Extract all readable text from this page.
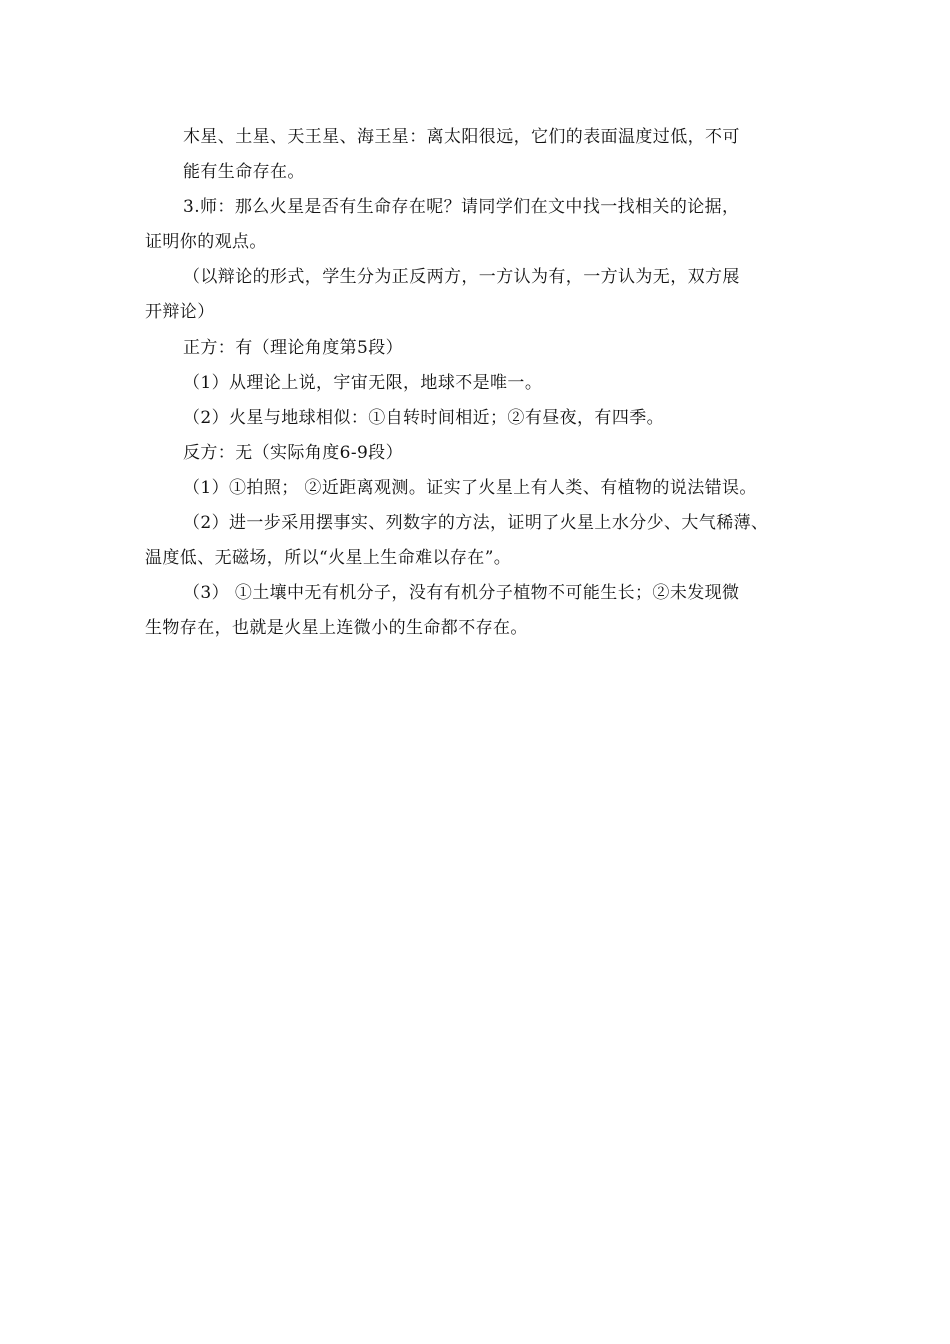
木星、土星、天王星、海王星：离太阳很远，它们的表面温度过低，不可
能有生命存在。
3.师：那么火星是否有生命存在呢？请同学们在文中找一找相关的论据，
证明你的观点。
（以辩论的形式，学生分为正反两方，一方认为有，一方认为无，双方展
开辩论）
正方：有（理论角度第5段）
（1）从理论上说，宇宙无限，地球不是唯一。
（2）火星与地球相似：①自转时间相近；②有昼夜，有四季。
反方：无（实际角度6-9段）
（1）①拍照； ②近距离观测。证实了火星上有人类、有植物的说法错误。
（2）进一步采用摆事实、列数字的方法，证明了火星上水分少、大气稀薄、
温度低、无磁场，所以“火星上生命难以存在”。
（3） ①土壤中无有机分子，没有有机分子植物不可能生长；②未发现微
生物存在，也就是火星上连微小的生命都不存在。
